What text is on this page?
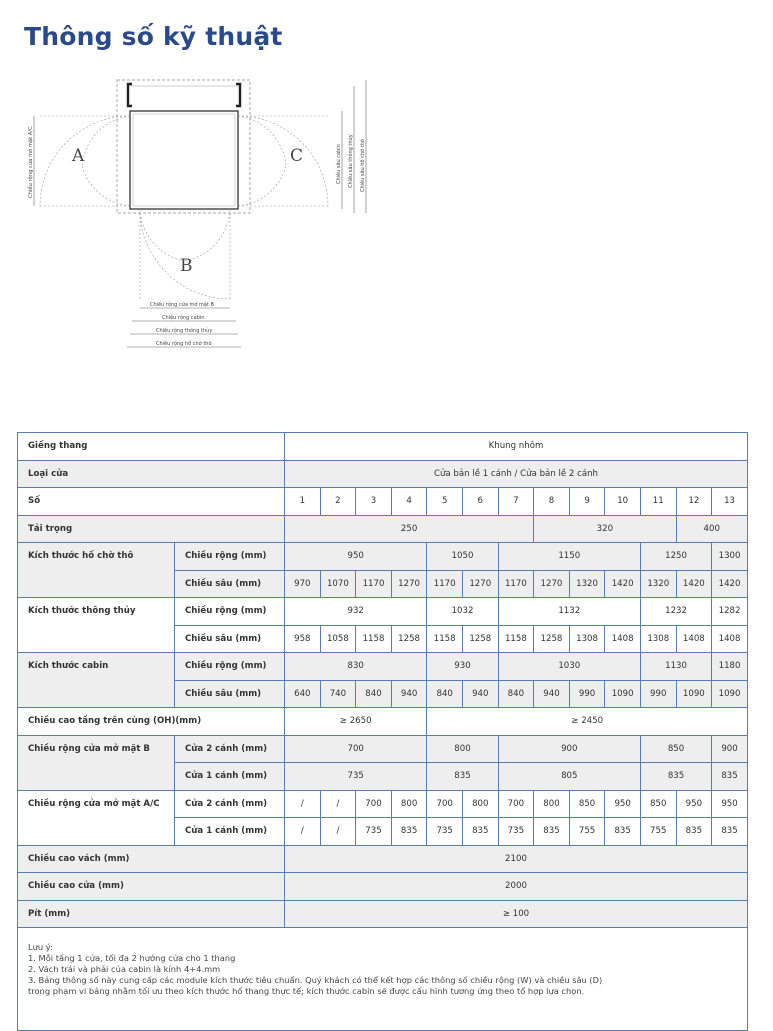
Thông số kỹ thuật
A	C
B
Chiều rộng cửa mở mặt A/C	Chiều sâu cabin	Chiều sâu thông thủy	Chiều sâu hố chờ thô
Chiều rộng cửa mở mặt B
Chiều rộng cabin
Chiều rộng thông thủy
Chiều rộng hố chờ thô
Giếng thang		Khung nhôm												
Loại cửa		Cửa bản lề 1 cánh / Cửa bản lề 2 cánh												
Số		1	2	3	4	5	6	7	8	9	10	11	12	13
Tải trọng		250							320				400	
Kích thước hố chờ thô	Chiều rộng (mm)	950				1050		1150				1250		1300
	Chiều sâu (mm)	970	1070	1170	1270	1170	1270	1170	1270	1320	1420	1320	1420	1420
Kích thước thông thủy	Chiều rộng (mm)	932				1032		1132				1232		1282
	Chiều sâu (mm)	958	1058	1158	1258	1158	1258	1158	1258	1308	1408	1308	1408	1408
Kích thước cabin	Chiều rộng (mm)	830				930		1030				1130		1180
	Chiều sâu (mm)	640	740	840	940	840	940	840	940	990	1090	990	1090	1090
Chiều cao tầng trên cùng (OH)(mm)		≥ 2650				≥ 2450								
Chiều rộng cửa mở mặt B	Cửa 2 cánh (mm)	700				800		900				850		900
	Cửa 1 cánh (mm)	735				835		805				835		835
Chiều rộng cửa mở mặt A/C	Cửa 2 cánh (mm)	/	/	700	800	700	800	700	800	850	950	850	950	950
	Cửa 1 cánh (mm)	/	/	735	835	735	835	735	835	755	835	755	835	835
Chiều cao vách (mm)		2100												
Chiều cao cửa (mm)		2000												
Pít (mm)		≥ 100												

Lưu ý:
1. Mỗi tầng 1 cửa, tối đa 2 hướng cửa cho 1 thang
2. Vách trái và phải của cabin là kính 4+4.mm
3. Bảng thông số này cung cấp các module kích thước tiêu chuẩn. Quý khách có thể kết hợp các thông số chiều rộng (W) và chiều sâu (D)
trong phạm vi bảng nhằm tối ưu theo kích thước hố thang thực tế; kích thước cabin sẽ được cấu hình tương ứng theo tổ hợp lựa chọn.														
